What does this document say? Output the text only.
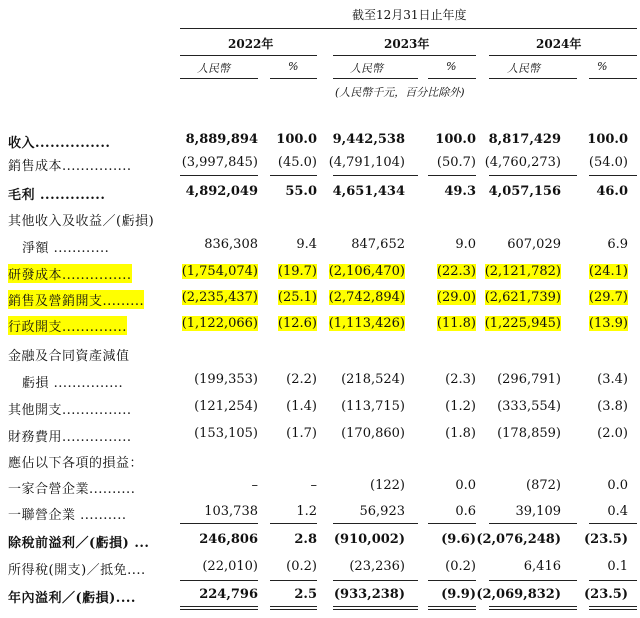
截至12月31日止年度
2022年	2023年	2024年
人民幣	%	人民幣	%	人民幣	%
(人民幣千元，百分比除外)
收入...............	8,889,894 100.0 9,442,538 100.0 8,817,429 100.0
銷售成本...............	(3,997,845) (45.0) (4,791,104) (50.7) (4,760,273) (54.0)
毛利 .............	4,892,049 55.0 4,651,434	49.3 4,057,156	46.0
其他收入及收益／(虧損)
淨額 ............	836,308	9.4	847,652	9.0 607,029	6.9
研發成本...............	(1,754,074) (19.7) (2,106,470) (22.3) (2,121,782) (24.1)
銷售及營銷開支.........	(2,235,437) (25.1) (2,742,894) (29.0) (2,621,739) (29.7)
行政開支..............	(1,122,066) (12.6) (1,113,426) (11.8) (1,225,945) (13.9)
金融及合同資產減值
虧損 ...............	(199,353) (2.2) (218,524)	(2.3) (296,791)	(3.4)
其他開支...............	(121,254) (1.4) (113,715)	(1.2) (333,554)	(3.8)
財務費用...............	(153,105) (1.7) (170,860)	(1.8) (178,859)	(2.0)
應佔以下各項的損益：
一家合營企業..........	–	–	(122)	0.0	(872)	0.0
一聯營企業 ..........	103,738	1.2	56,923	0.6	39,109	0.4
除稅前溢利／(虧損) ...	246,806	2.8 (910,002)	(9.6) (2,076,248) (23.5)
所得稅(開支)／抵免....	(22,010) (0.2) (23,236)	(0.2)	6,416	0.1
年內溢利／(虧損)....	224,796	2.5 (933,238)	(9.9) (2,069,832) (23.5)
